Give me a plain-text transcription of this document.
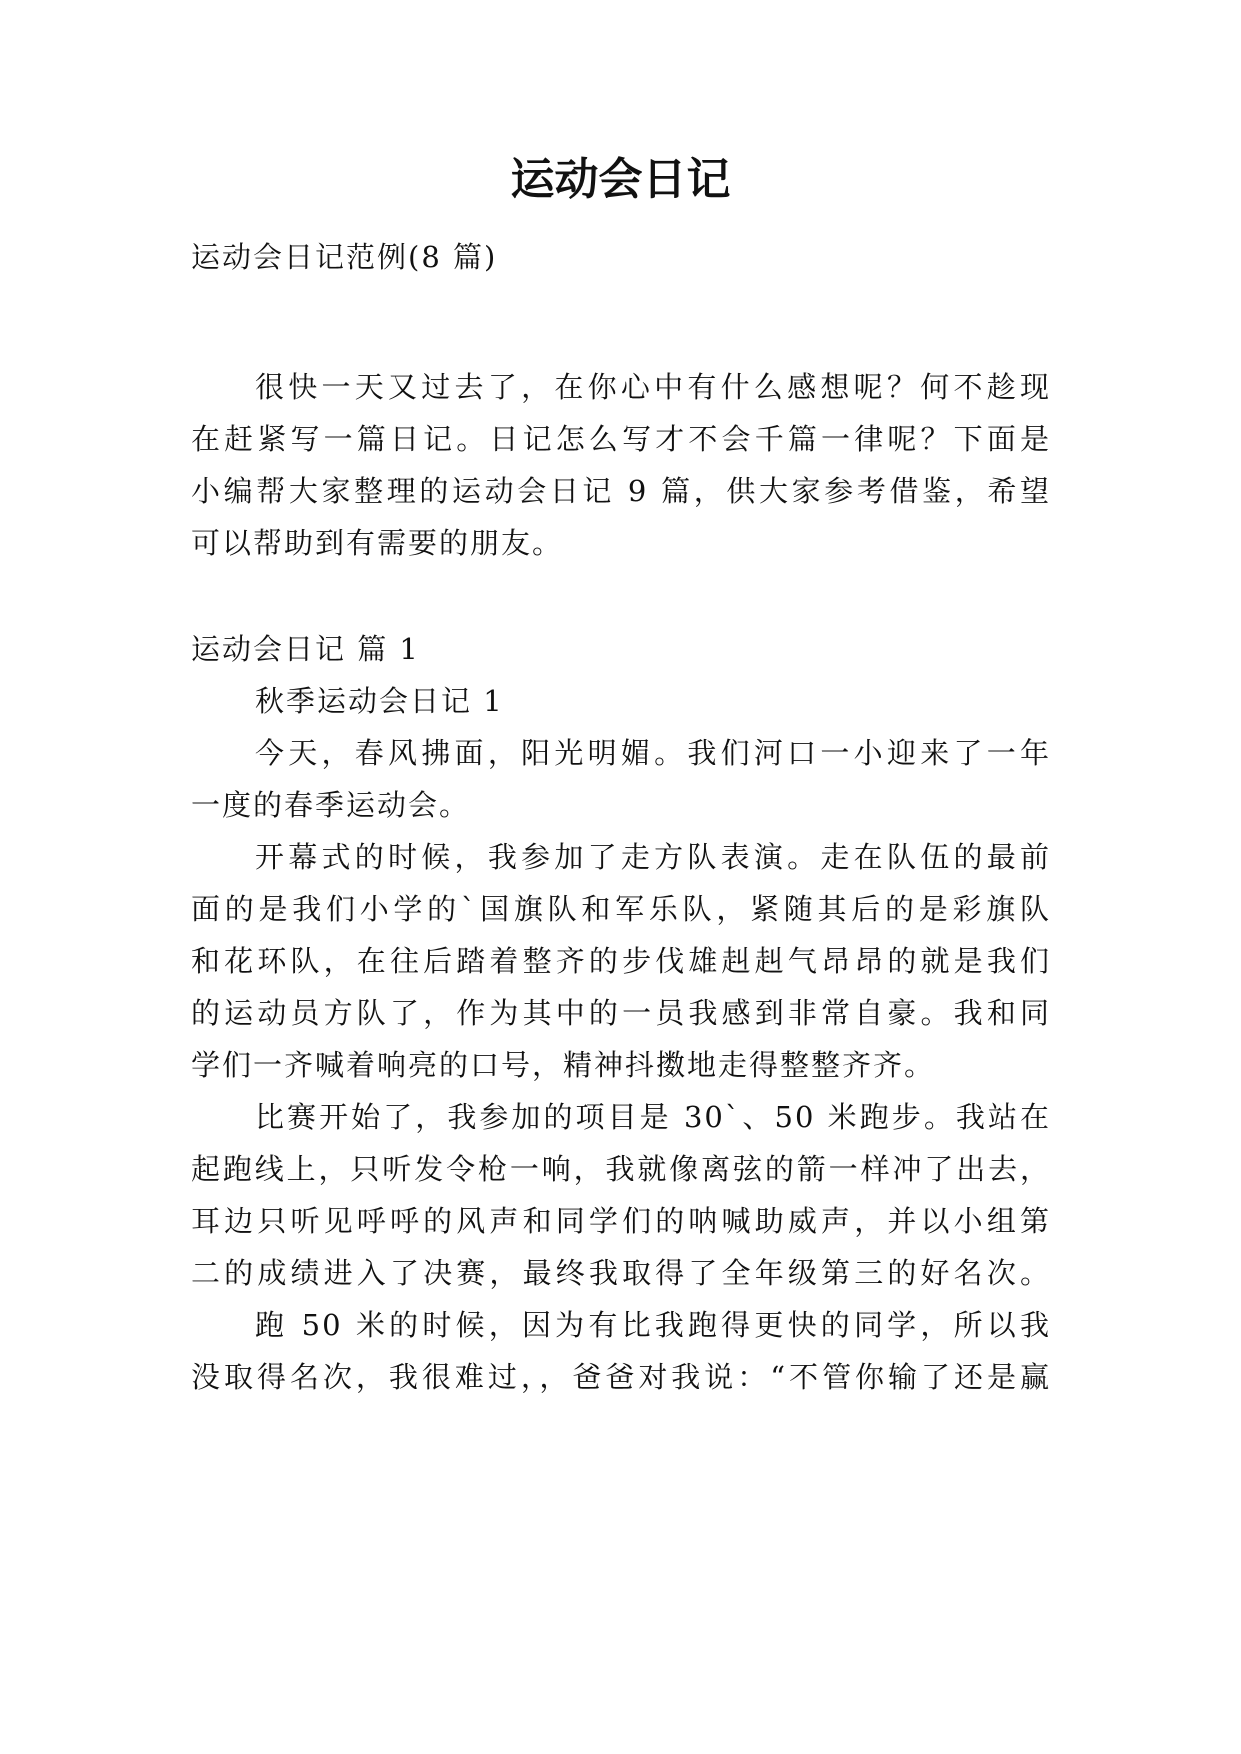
运动会日记
运动会日记范例(8 篇)
很快一天又过去了，在你心中有什么感想呢？何不趁现
在赶紧写一篇日记。日记怎么写才不会千篇一律呢？下面是
小编帮大家整理的运动会日记 9 篇，供大家参考借鉴，希望
可以帮助到有需要的朋友。
运动会日记 篇 1
秋季运动会日记 1
今天，春风拂面，阳光明媚。我们河口一小迎来了一年
一度的春季运动会。
开幕式的时候，我参加了走方队表演。走在队伍的最前
面的是我们小学的`国旗队和军乐队，紧随其后的是彩旗队
和花环队，在往后踏着整齐的步伐雄赳赳气昂昂的就是我们
的运动员方队了，作为其中的一员我感到非常自豪。我和同
学们一齐喊着响亮的口号，精神抖擞地走得整整齐齐。
比赛开始了，我参加的项目是 30`、50 米跑步。我站在
起跑线上，只听发令枪一响，我就像离弦的箭一样冲了出去，
耳边只听见呼呼的风声和同学们的呐喊助威声，并以小组第
二的成绩进入了决赛，最终我取得了全年级第三的好名次。
跑 50 米的时候，因为有比我跑得更快的同学，所以我
没取得名次，我很难过，，爸爸对我说：“不管你输了还是赢
